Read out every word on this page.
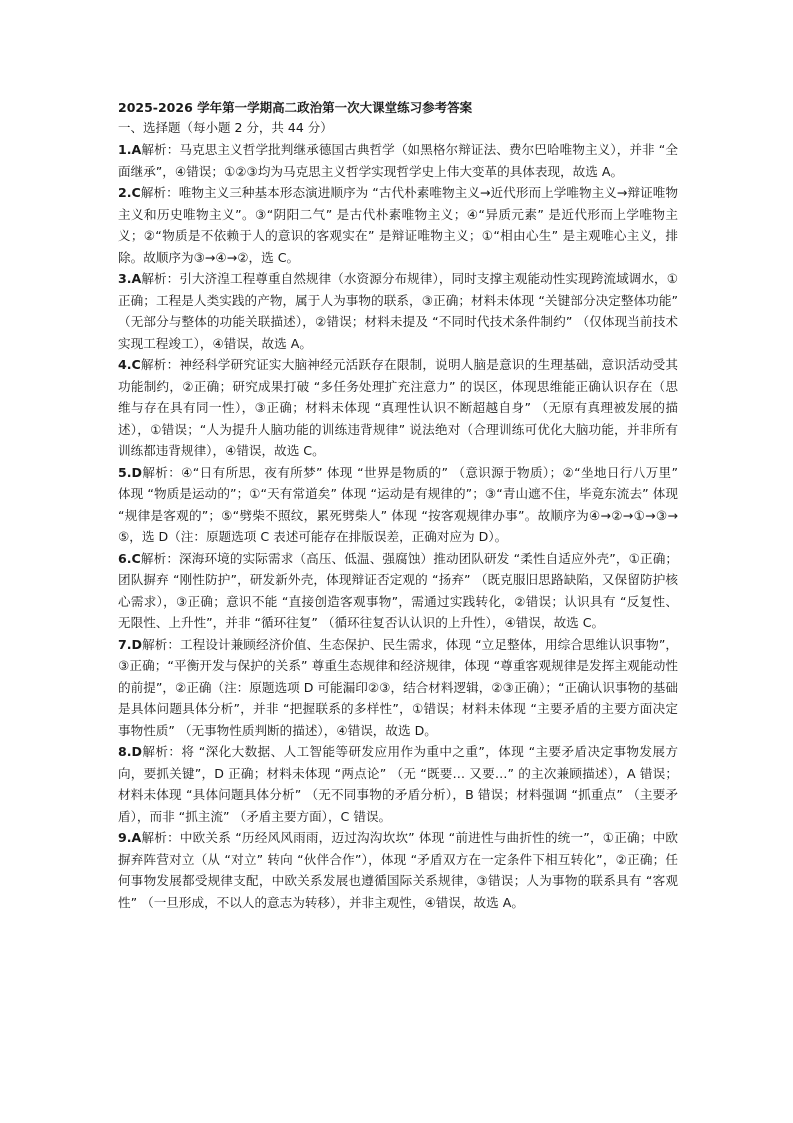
2025-2026 学年第一学期高二政治第一次大课堂练习参考答案
一、选择题（每小题 2 分，共 44 分）

1.A解析：马克思主义哲学批判继承德国古典哲学（如黑格尔辩证法、费尔巴哈唯物主义），并非 “全面继承”，④错误；①②③均为马克思主义哲学实现哲学史上伟大变革的具体表现，故选 A。

2.C解析：唯物主义三种基本形态演进顺序为 “古代朴素唯物主义→近代形而上学唯物主义→辩证唯物主义和历史唯物主义”。③“阴阳二气” 是古代朴素唯物主义；④“异质元素” 是近代形而上学唯物主义；②“物质是不依赖于人的意识的客观实在” 是辩证唯物主义；①“相由心生” 是主观唯心主义，排除。故顺序为③→④→②，选 C。

3.A解析：引大济湟工程尊重自然规律（水资源分布规律），同时支撑主观能动性实现跨流域调水，①正确；工程是人类实践的产物，属于人为事物的联系，③正确；材料未体现 “关键部分决定整体功能” （无部分与整体的功能关联描述），②错误；材料未提及 “不同时代技术条件制约” （仅体现当前技术实现工程竣工），④错误，故选 A。

4.C解析：神经科学研究证实大脑神经元活跃存在限制，说明人脑是意识的生理基础，意识活动受其功能制约，②正确；研究成果打破 “多任务处理扩充注意力” 的误区，体现思维能正确认识存在（思维与存在具有同一性），③正确；材料未体现 “真理性认识不断超越自身” （无原有真理被发展的描述），①错误；“人为提升人脑功能的训练违背规律” 说法绝对（合理训练可优化大脑功能，并非所有训练都违背规律），④错误，故选 C。

5.D解析：④“日有所思，夜有所梦” 体现 “世界是物质的” （意识源于物质）；②“坐地日行八万里” 体现 “物质是运动的”；①“天有常道矣” 体现 “运动是有规律的”；③“青山遮不住，毕竟东流去” 体现 “规律是客观的”；⑤“劈柴不照纹，累死劈柴人” 体现 “按客观规律办事”。故顺序为④→②→①→③→⑤，选 D（注：原题选项 C 表述可能存在排版误差，正确对应为 D）。

6.C解析：深海环境的实际需求（高压、低温、强腐蚀）推动团队研发 “柔性自适应外壳”，①正确；团队摒弃 “刚性防护”，研发新外壳，体现辩证否定观的 “扬弃” （既克服旧思路缺陷，又保留防护核心需求），③正确；意识不能 “直接创造客观事物”，需通过实践转化，②错误；认识具有 “反复性、无限性、上升性”，并非 “循环往复” （循环往复否认认识的上升性），④错误，故选 C。

7.D解析：工程设计兼顾经济价值、生态保护、民生需求，体现 “立足整体，用综合思维认识事物”，③正确；“平衡开发与保护的关系” 尊重生态规律和经济规律，体现 “尊重客观规律是发挥主观能动性的前提”，②正确（注：原题选项 D 可能漏印②③，结合材料逻辑，②③正确）；“正确认识事物的基础是具体问题具体分析”，并非 “把握联系的多样性”，①错误；材料未体现 “主要矛盾的主要方面决定事物性质” （无事物性质判断的描述），④错误，故选 D。

8.D解析：将 “深化大数据、人工智能等研发应用作为重中之重”，体现 “主要矛盾决定事物发展方向，要抓关键”，D 正确；材料未体现 “两点论” （无 “既要… 又要…” 的主次兼顾描述），A 错误；材料未体现 “具体问题具体分析” （无不同事物的矛盾分析），B 错误；材料强调 “抓重点” （主要矛盾），而非 “抓主流” （矛盾主要方面），C 错误。

9.A解析：中欧关系 “历经风风雨雨，迈过沟沟坎坎” 体现 “前进性与曲折性的统一”，①正确；中欧摒弃阵营对立（从 “对立” 转向 “伙伴合作”），体现 “矛盾双方在一定条件下相互转化”，②正确；任何事物发展都受规律支配，中欧关系发展也遵循国际关系规律，③错误；人为事物的联系具有 “客观性” （一旦形成，不以人的意志为转移），并非主观性，④错误，故选 A。
